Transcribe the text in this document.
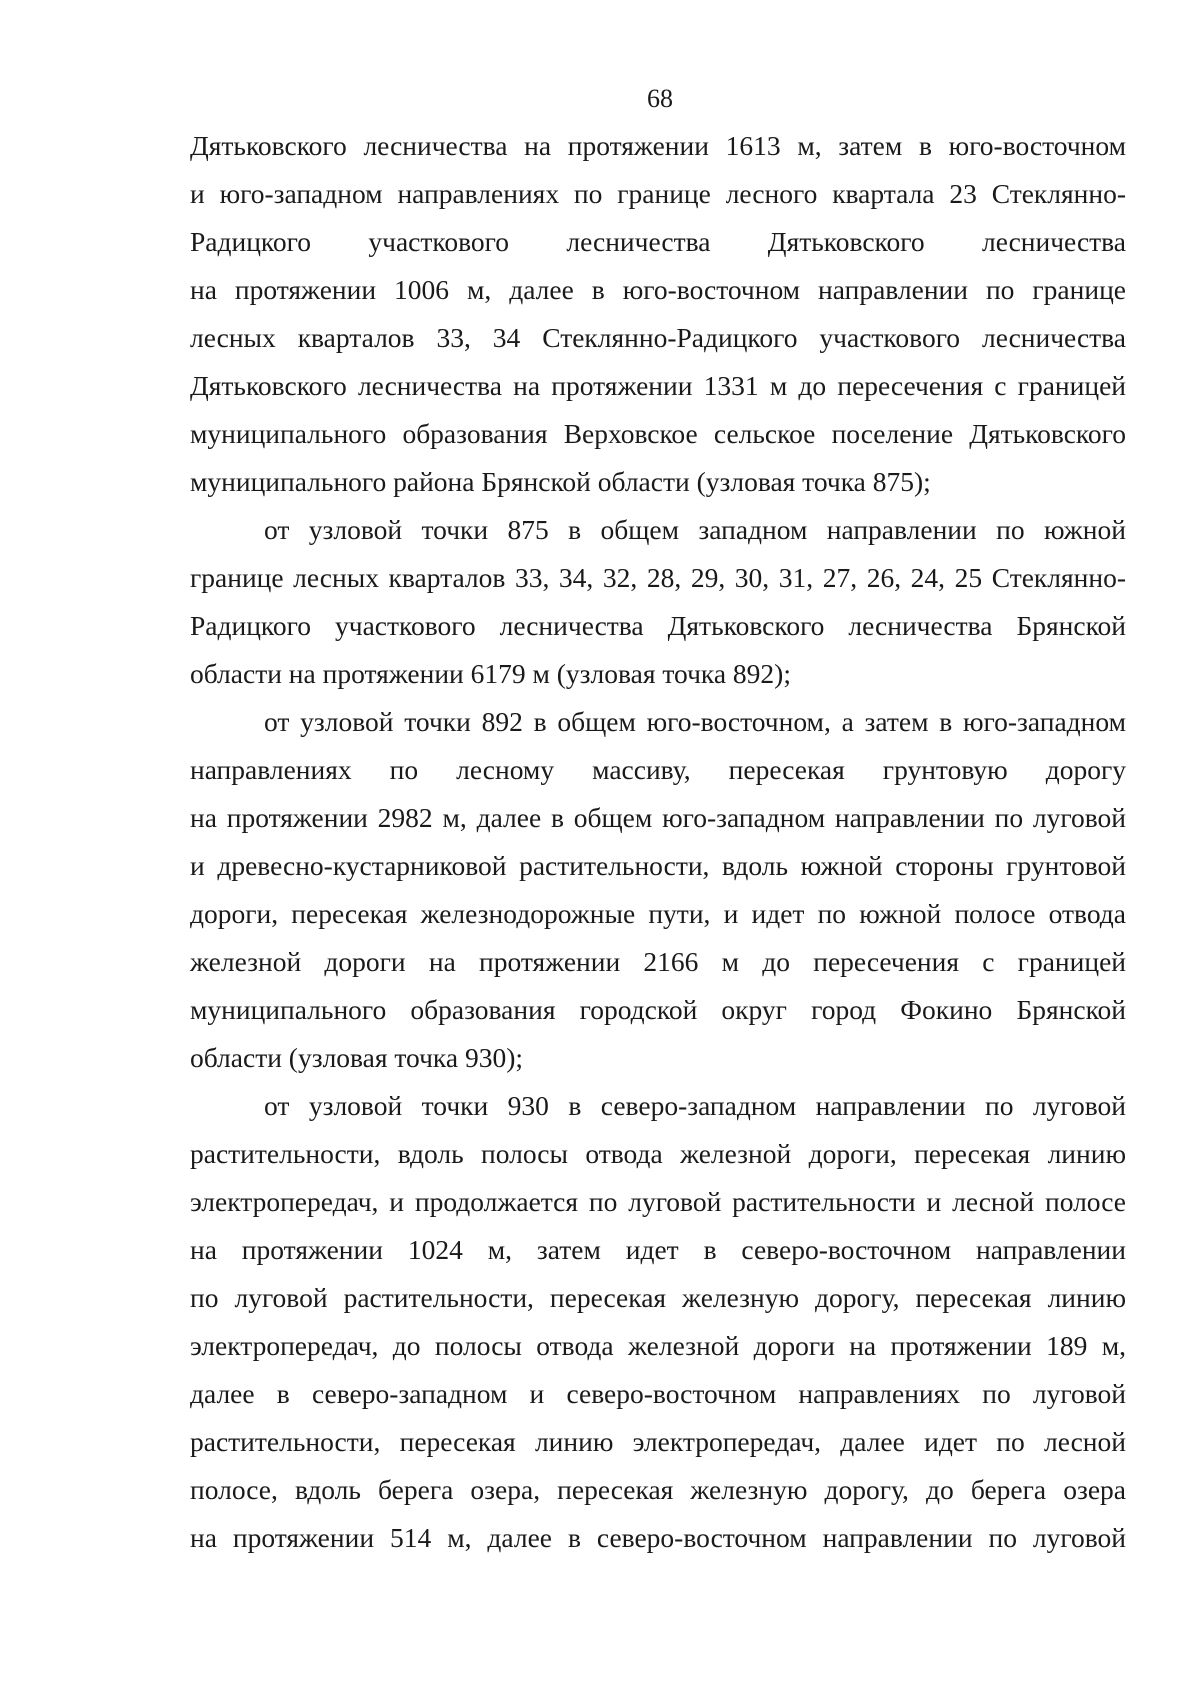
68
Дятьковского лесничества на протяжении 1613 м, затем в юго-восточном
и юго-западном направлениях по границе лесного квартала 23 Стеклянно-
Радицкого участкового лесничества Дятьковского лесничества
на протяжении 1006 м, далее в юго-восточном направлении по границе
лесных кварталов 33, 34 Стеклянно-Радицкого участкового лесничества
Дятьковского лесничества на протяжении 1331 м до пересечения с границей
муниципального образования Верховское сельское поселение Дятьковского
муниципального района Брянской области (узловая точка 875);
от узловой точки 875 в общем западном направлении по южной
границе лесных кварталов 33, 34, 32, 28, 29, 30, 31, 27, 26, 24, 25 Стеклянно-
Радицкого участкового лесничества Дятьковского лесничества Брянской
области на протяжении 6179 м (узловая точка 892);
от узловой точки 892 в общем юго-восточном, а затем в юго-западном
направлениях по лесному массиву, пересекая грунтовую дорогу
на протяжении 2982 м, далее в общем юго-западном направлении по луговой
и древесно-кустарниковой растительности, вдоль южной стороны грунтовой
дороги, пересекая железнодорожные пути, и идет по южной полосе отвода
железной дороги на протяжении 2166 м до пересечения с границей
муниципального образования городской округ город Фокино Брянской
области (узловая точка 930);
от узловой точки 930 в северо-западном направлении по луговой
растительности, вдоль полосы отвода железной дороги, пересекая линию
электропередач, и продолжается по луговой растительности и лесной полосе
на протяжении 1024 м, затем идет в северо-восточном направлении
по луговой растительности, пересекая железную дорогу, пересекая линию
электропередач, до полосы отвода железной дороги на протяжении 189 м,
далее в северо-западном и северо-восточном направлениях по луговой
растительности, пересекая линию электропередач, далее идет по лесной
полосе, вдоль берега озера, пересекая железную дорогу, до берега озера
на протяжении 514 м, далее в северо-восточном направлении по луговой
